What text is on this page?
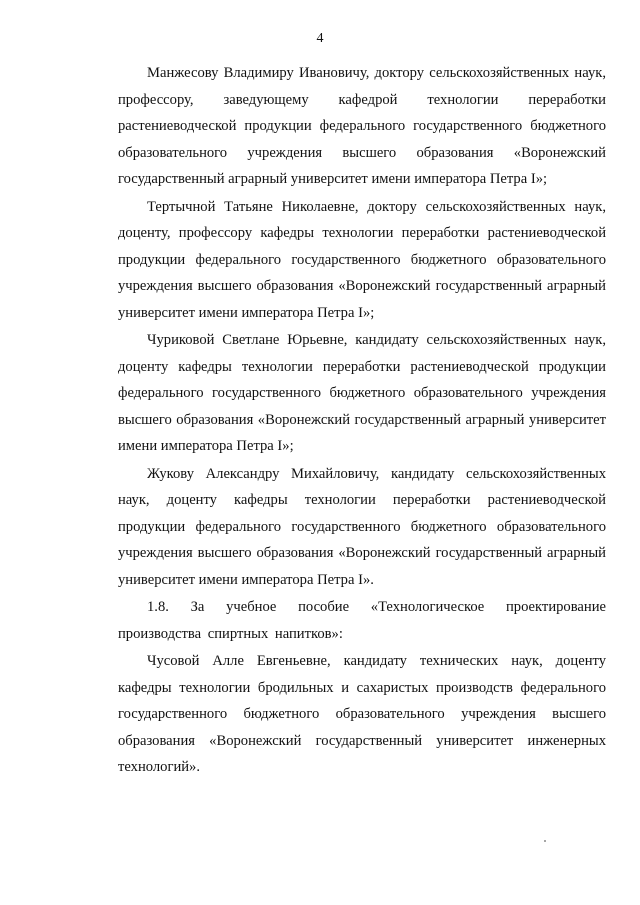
4

Манжесову Владимиру Ивановичу, доктору сельскохозяйственных наук, профессору, заведующему кафедрой технологии переработки растениеводческой продукции федерального государственного бюджетного образовательного учреждения высшего образования «Воронежский государственный аграрный университет имени императора Петра I»;

Тертычной Татьяне Николаевне, доктору сельскохозяйственных наук, доценту, профессору кафедры технологии переработки растениеводческой продукции федерального государственного бюджетного образовательного учреждения высшего образования «Воронежский государственный аграрный университет имени императора Петра I»;

Чуриковой Светлане Юрьевне, кандидату сельскохозяйственных наук, доценту кафедры технологии переработки растениеводческой продукции федерального государственного бюджетного образовательного учреждения высшего образования «Воронежский государственный аграрный университет имени императора Петра I»;

Жукову Александру Михайловичу, кандидату сельскохозяйственных наук, доценту кафедры технологии переработки растениеводческой продукции федерального государственного бюджетного образовательного учреждения высшего образования «Воронежский государственный аграрный университет имени императора Петра I».

1.8. За учебное пособие «Технологическое проектирование производства спиртных напитков»:

Чусовой Алле Евгеньевне, кандидату технических наук, доценту кафедры технологии бродильных и сахаристых производств федерального государственного бюджетного образовательного учреждения высшего образования «Воронежский государственный университет инженерных технологий».
